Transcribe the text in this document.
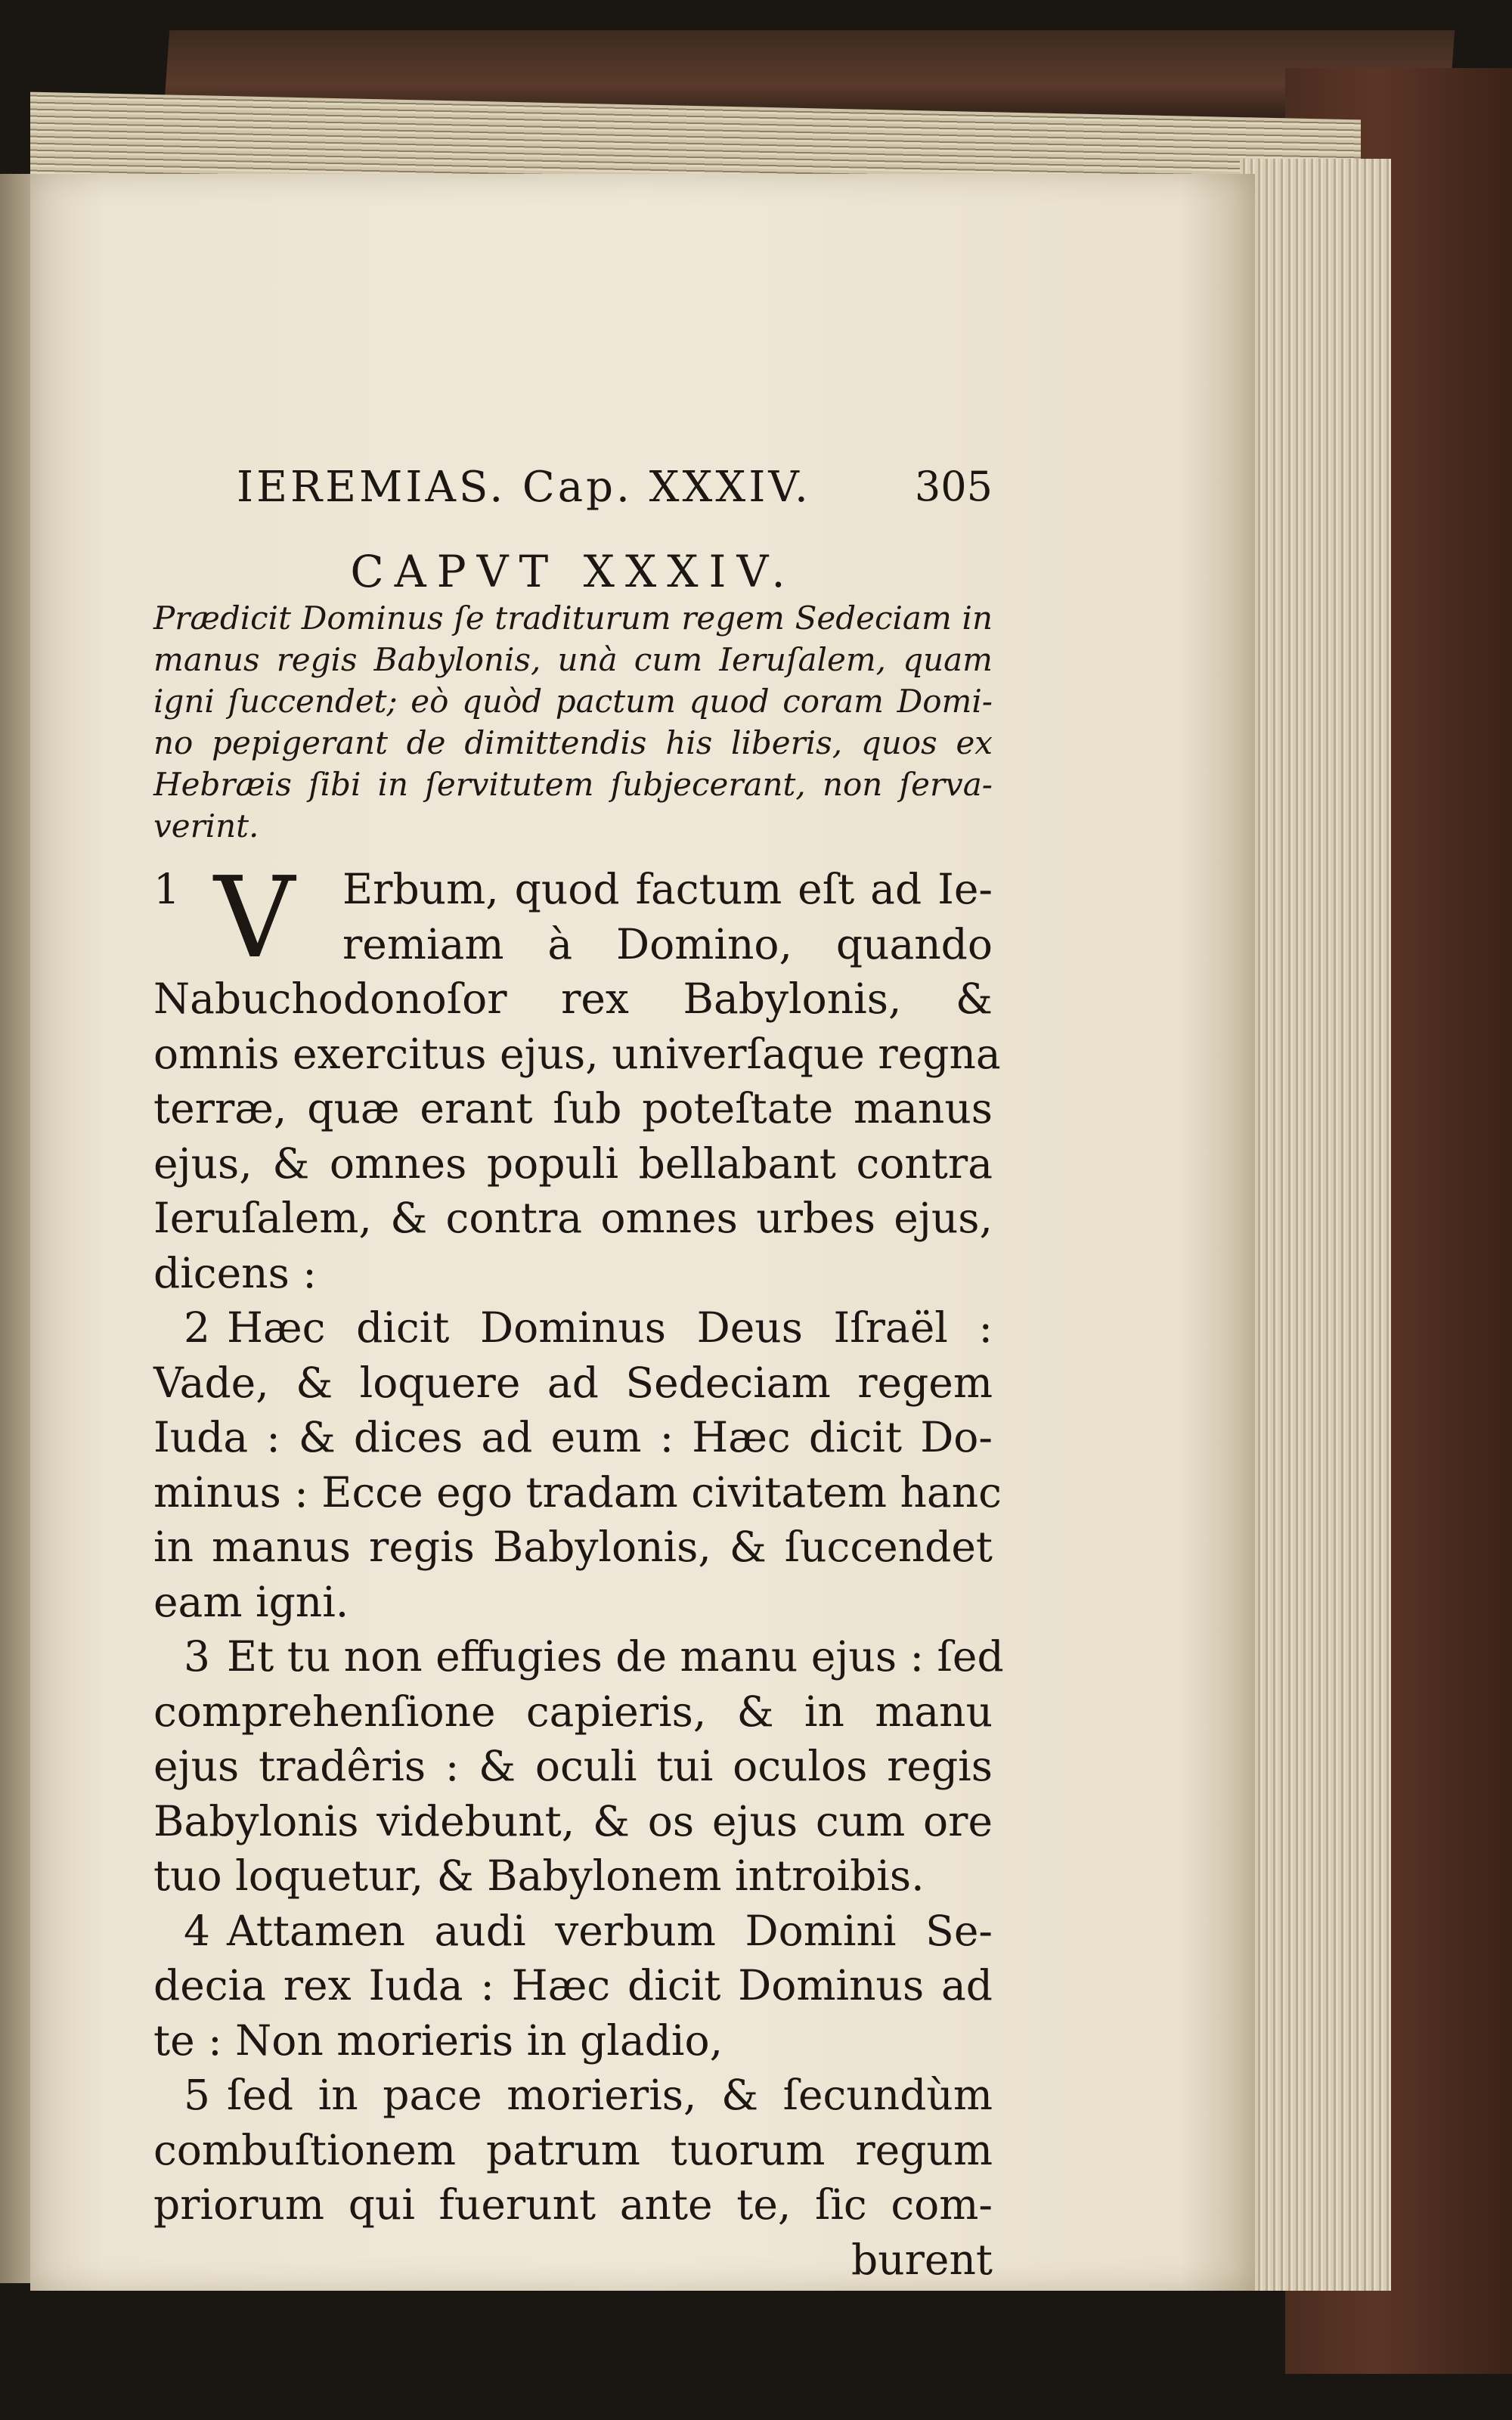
IEREMIAS. Cap. XXXIV.	305
CAPVT XXXIV.
Prædicit Dominus ſe traditurum regem Sedeciam in
manus regis Babylonis, unà cum Ieruſalem, quam
igni ſuccendet; eò quòd pactum quod coram Domi-
no pepigerant de dimittendis his liberis, quos ex
Hebræis ſibi in ſervitutem ſubjecerant, non ſerva-
verint.
1 V	Erbum, quod factum eſt ad Ie-
remiam à Domino, quando
Nabuchodonoſor rex Babylonis, &
omnis exercitus ejus, univerſaque regna
terræ, quæ erant ſub poteſtate manus
ejus, & omnes populi bellabant contra
Ieruſalem, & contra omnes urbes ejus,
dicens :
2 Hæc dicit Dominus Deus Iſraël :
Vade, & loquere ad Sedeciam regem
Iuda : & dices ad eum : Hæc dicit Do-
minus : Ecce ego tradam civitatem hanc
in manus regis Babylonis, & ſuccendet
eam igni.
3 Et tu non effugies de manu ejus : ſed
comprehenſione capieris, & in manu
ejus tradêris : & oculi tui oculos regis
Babylonis videbunt, & os ejus cum ore
tuo loquetur, & Babylonem introibis.
4 Attamen audi verbum Domini Se-
decia rex Iuda : Hæc dicit Dominus ad
te : Non morieris in gladio,
5 ſed in pace morieris, & ſecundùm
combuſtionem patrum tuorum regum
priorum qui fuerunt ante te, ſic com-
burent
